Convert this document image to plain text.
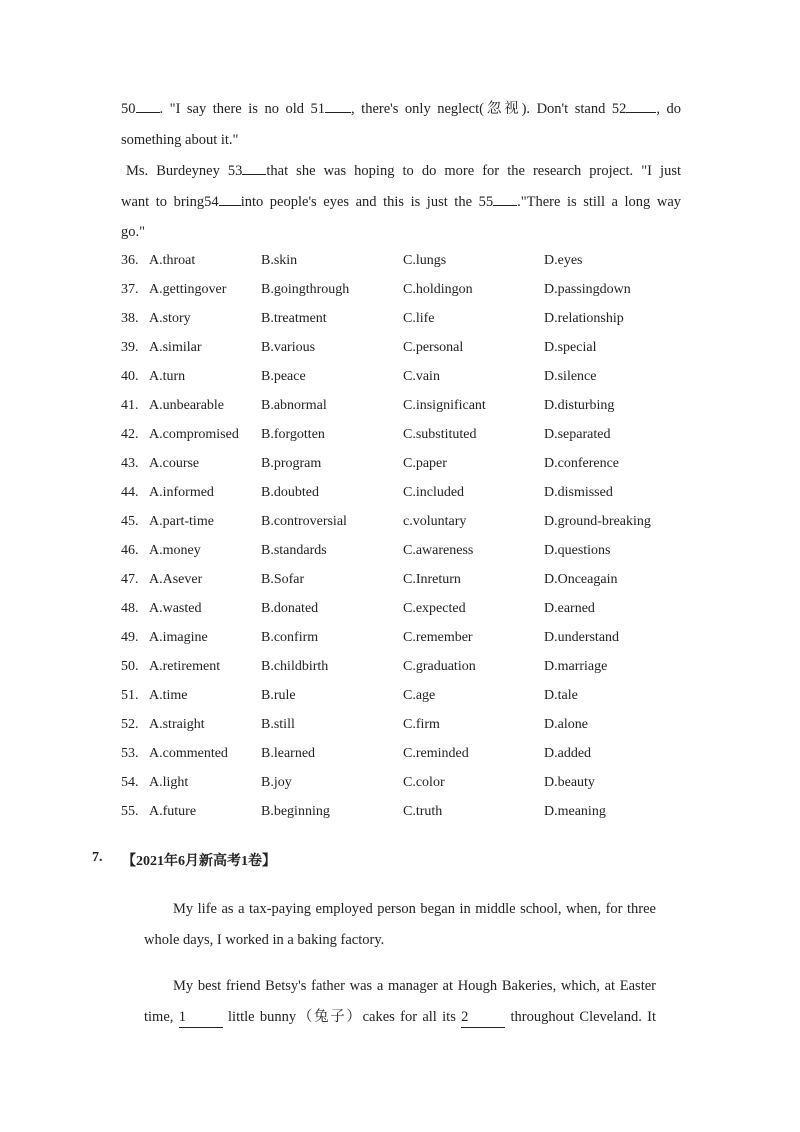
50 . "I say there is no old 51 , there's only neglect(忽视). Don't stand 52 , do
something about it."
Ms. Burdeyney 53 that she was hoping to do more for the research project. "I just
want to bring54 into people's eyes and this is just the 55 ."There is still a long way
go."
36. A.throat	B.skin	C.lungs	D.eyes
37. A.gettingover B.goingthrough	C.holdingon	D.passingdown
38. A.story	B.treatment	C.life	D.relationship
39. A.similar	B.various	C.personal	D.special
40. A.turn	B.peace	C.vain	D.silence
41. A.unbearable	B.abnormal	C.insignificant	D.disturbing
42. A.compromised B.forgotten	C.substituted	D.separated
43. A.course	B.program	C.paper	D.conference
44. A.informed	B.doubted	C.included	D.dismissed
45. A.part-time	B.controversial	c.voluntary	D.ground-breaking
46. A.money	B.standards	C.awareness	D.questions
47. A.Asever	B.Sofar	C.Inreturn	D.Onceagain
48. A.wasted	B.donated	C.expected	D.earned
49. A.imagine	B.confirm	C.remember	D.understand
50. A.retirement	B.childbirth	C.graduation	D.marriage
51. A.time	B.rule	C.age	D.tale
52. A.straight	B.still	C.firm	D.alone
53. A.commented B.learned	C.reminded	D.added
54. A.light	B.joy	C.color	D.beauty
55. A.future	B.beginning	C.truth	D.meaning
7. 【2021年6月新高考1卷】
My life as a tax-paying employed person began in middle school, when, for three
whole days, I worked in a baking factory.
My best friend Betsy's father was a manager at Hough Bakeries, which, at Easter
time, 1	little bunny（兔子）cakes for all its 2	throughout Cleveland. It
